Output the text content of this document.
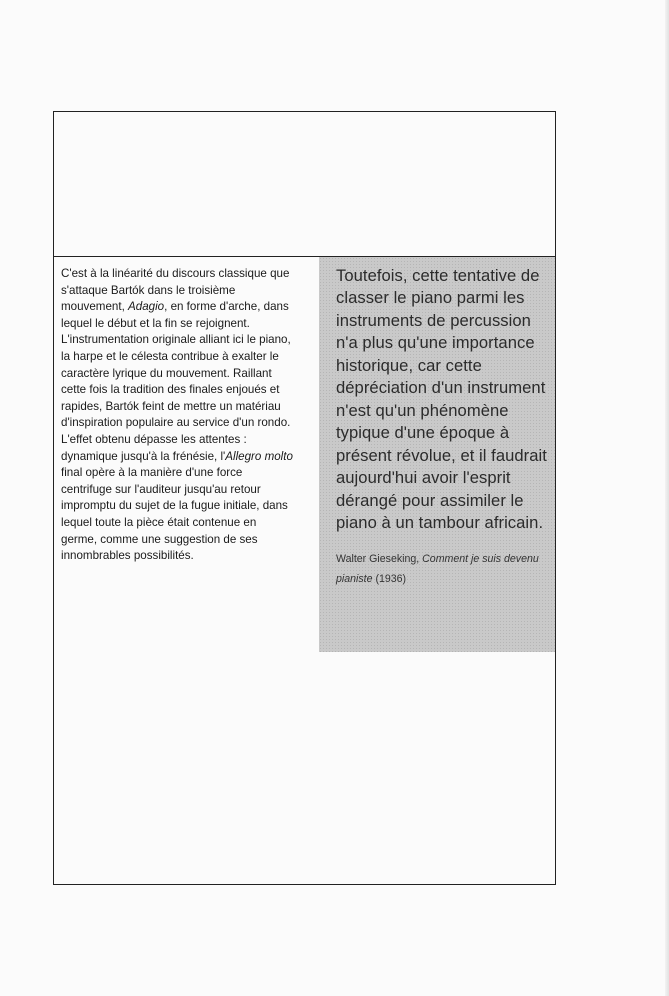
C'est à la linéarité du discours classique que s'attaque Bartók dans le troisième mouvement, Adagio, en forme d'arche, dans lequel le début et la fin se rejoignent. L'instrumentation originale alliant ici le piano, la harpe et le célesta contribue à exalter le caractère lyrique du mouvement. Raillant cette fois la tradition des finales enjoués et rapides, Bartók feint de mettre un matériau d'inspiration populaire au service d'un rondo. L'effet obtenu dépasse les attentes : dynamique jusqu'à la frénésie, l'Allegro molto final opère à la manière d'une force centrifuge sur l'auditeur jusqu'au retour impromptu du sujet de la fugue initiale, dans lequel toute la pièce était contenue en germe, comme une suggestion de ses innombrables possibilités.

Toutefois, cette tentative de classer le piano parmi les instruments de percussion n'a plus qu'une importance historique, car cette dépréciation d'un instrument n'est qu'un phénomène typique d'une époque à présent révolue, et il faudrait aujourd'hui avoir l'esprit dérangé pour assimiler le piano à un tambour africain.

Walter Gieseking, Comment je suis devenu pianiste (1936)
